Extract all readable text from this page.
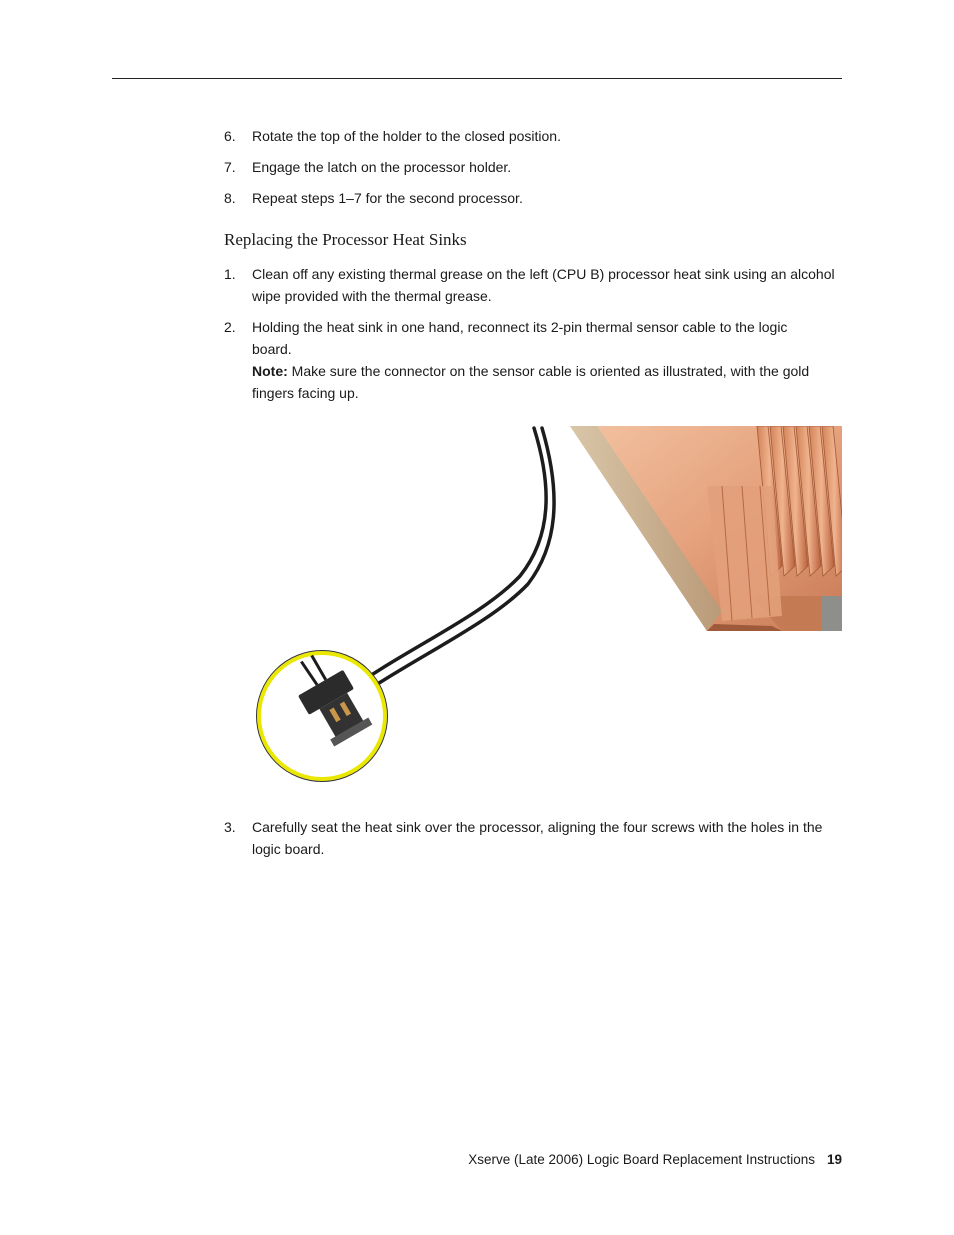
6. Rotate the top of the holder to the closed position.
7. Engage the latch on the processor holder.
8. Repeat steps 1–7 for the second processor.
Replacing the Processor Heat Sinks
1. Clean off any existing thermal grease on the left (CPU B) processor heat sink using an alcohol
wipe provided with the thermal grease.
2. Holding the heat sink in one hand, reconnect its 2-pin thermal sensor cable to the logic
board.
Note: Make sure the connector on the sensor cable is oriented as illustrated, with the gold
fingers facing up.
3. Carefully seat the heat sink over the processor, aligning the four screws with the holes in the
logic board.
Xserve (Late 2006) Logic Board Replacement Instructions 19
